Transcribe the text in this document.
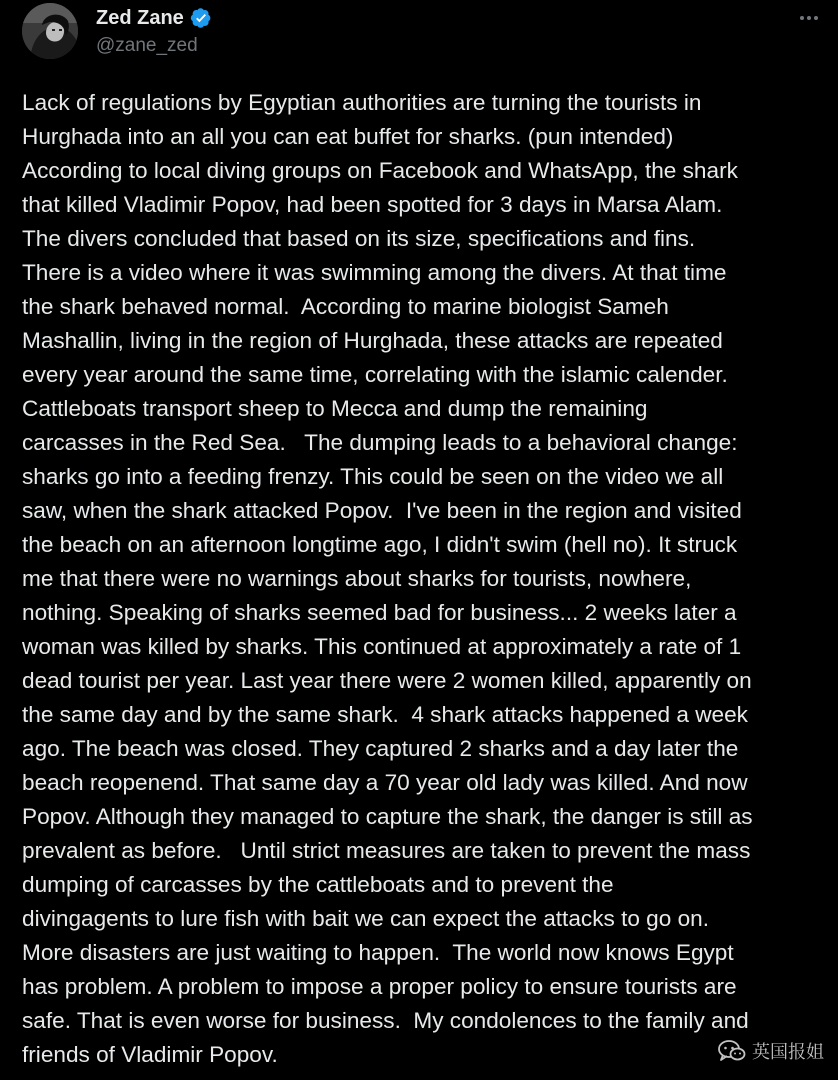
Zed Zane
@zane_zed
Lack of regulations by Egyptian authorities are turning the tourists in
Hurghada into an all you can eat buffet for sharks. (pun intended)
According to local diving groups on Facebook and WhatsApp, the shark
that killed Vladimir Popov, had been spotted for 3 days in Marsa Alam.
The divers concluded that based on its size, specifications and fins.
There is a video where it was swimming among the divers. At that time
the shark behaved normal.  According to marine biologist Sameh
Mashallin, living in the region of Hurghada, these attacks are repeated
every year around the same time, correlating with the islamic calender.
Cattleboats transport sheep to Mecca and dump the remaining
carcasses in the Red Sea.   The dumping leads to a behavioral change:
sharks go into a feeding frenzy. This could be seen on the video we all
saw, when the shark attacked Popov.  I've been in the region and visited
the beach on an afternoon longtime ago, I didn't swim (hell no). It struck
me that there were no warnings about sharks for tourists, nowhere,
nothing. Speaking of sharks seemed bad for business... 2 weeks later a
woman was killed by sharks. This continued at approximately a rate of 1
dead tourist per year. Last year there were 2 women killed, apparently on
the same day and by the same shark.  4 shark attacks happened a week
ago. The beach was closed. They captured 2 sharks and a day later the
beach reopenend. That same day a 70 year old lady was killed. And now
Popov. Although they managed to capture the shark, the danger is still as
prevalent as before.   Until strict measures are taken to prevent the mass
dumping of carcasses by the cattleboats and to prevent the
divingagents to lure fish with bait we can expect the attacks to go on.
More disasters are just waiting to happen.  The world now knows Egypt
has problem. A problem to impose a proper policy to ensure tourists are
safe. That is even worse for business.  My condolences to the family and
friends of Vladimir Popov.	英国报姐
